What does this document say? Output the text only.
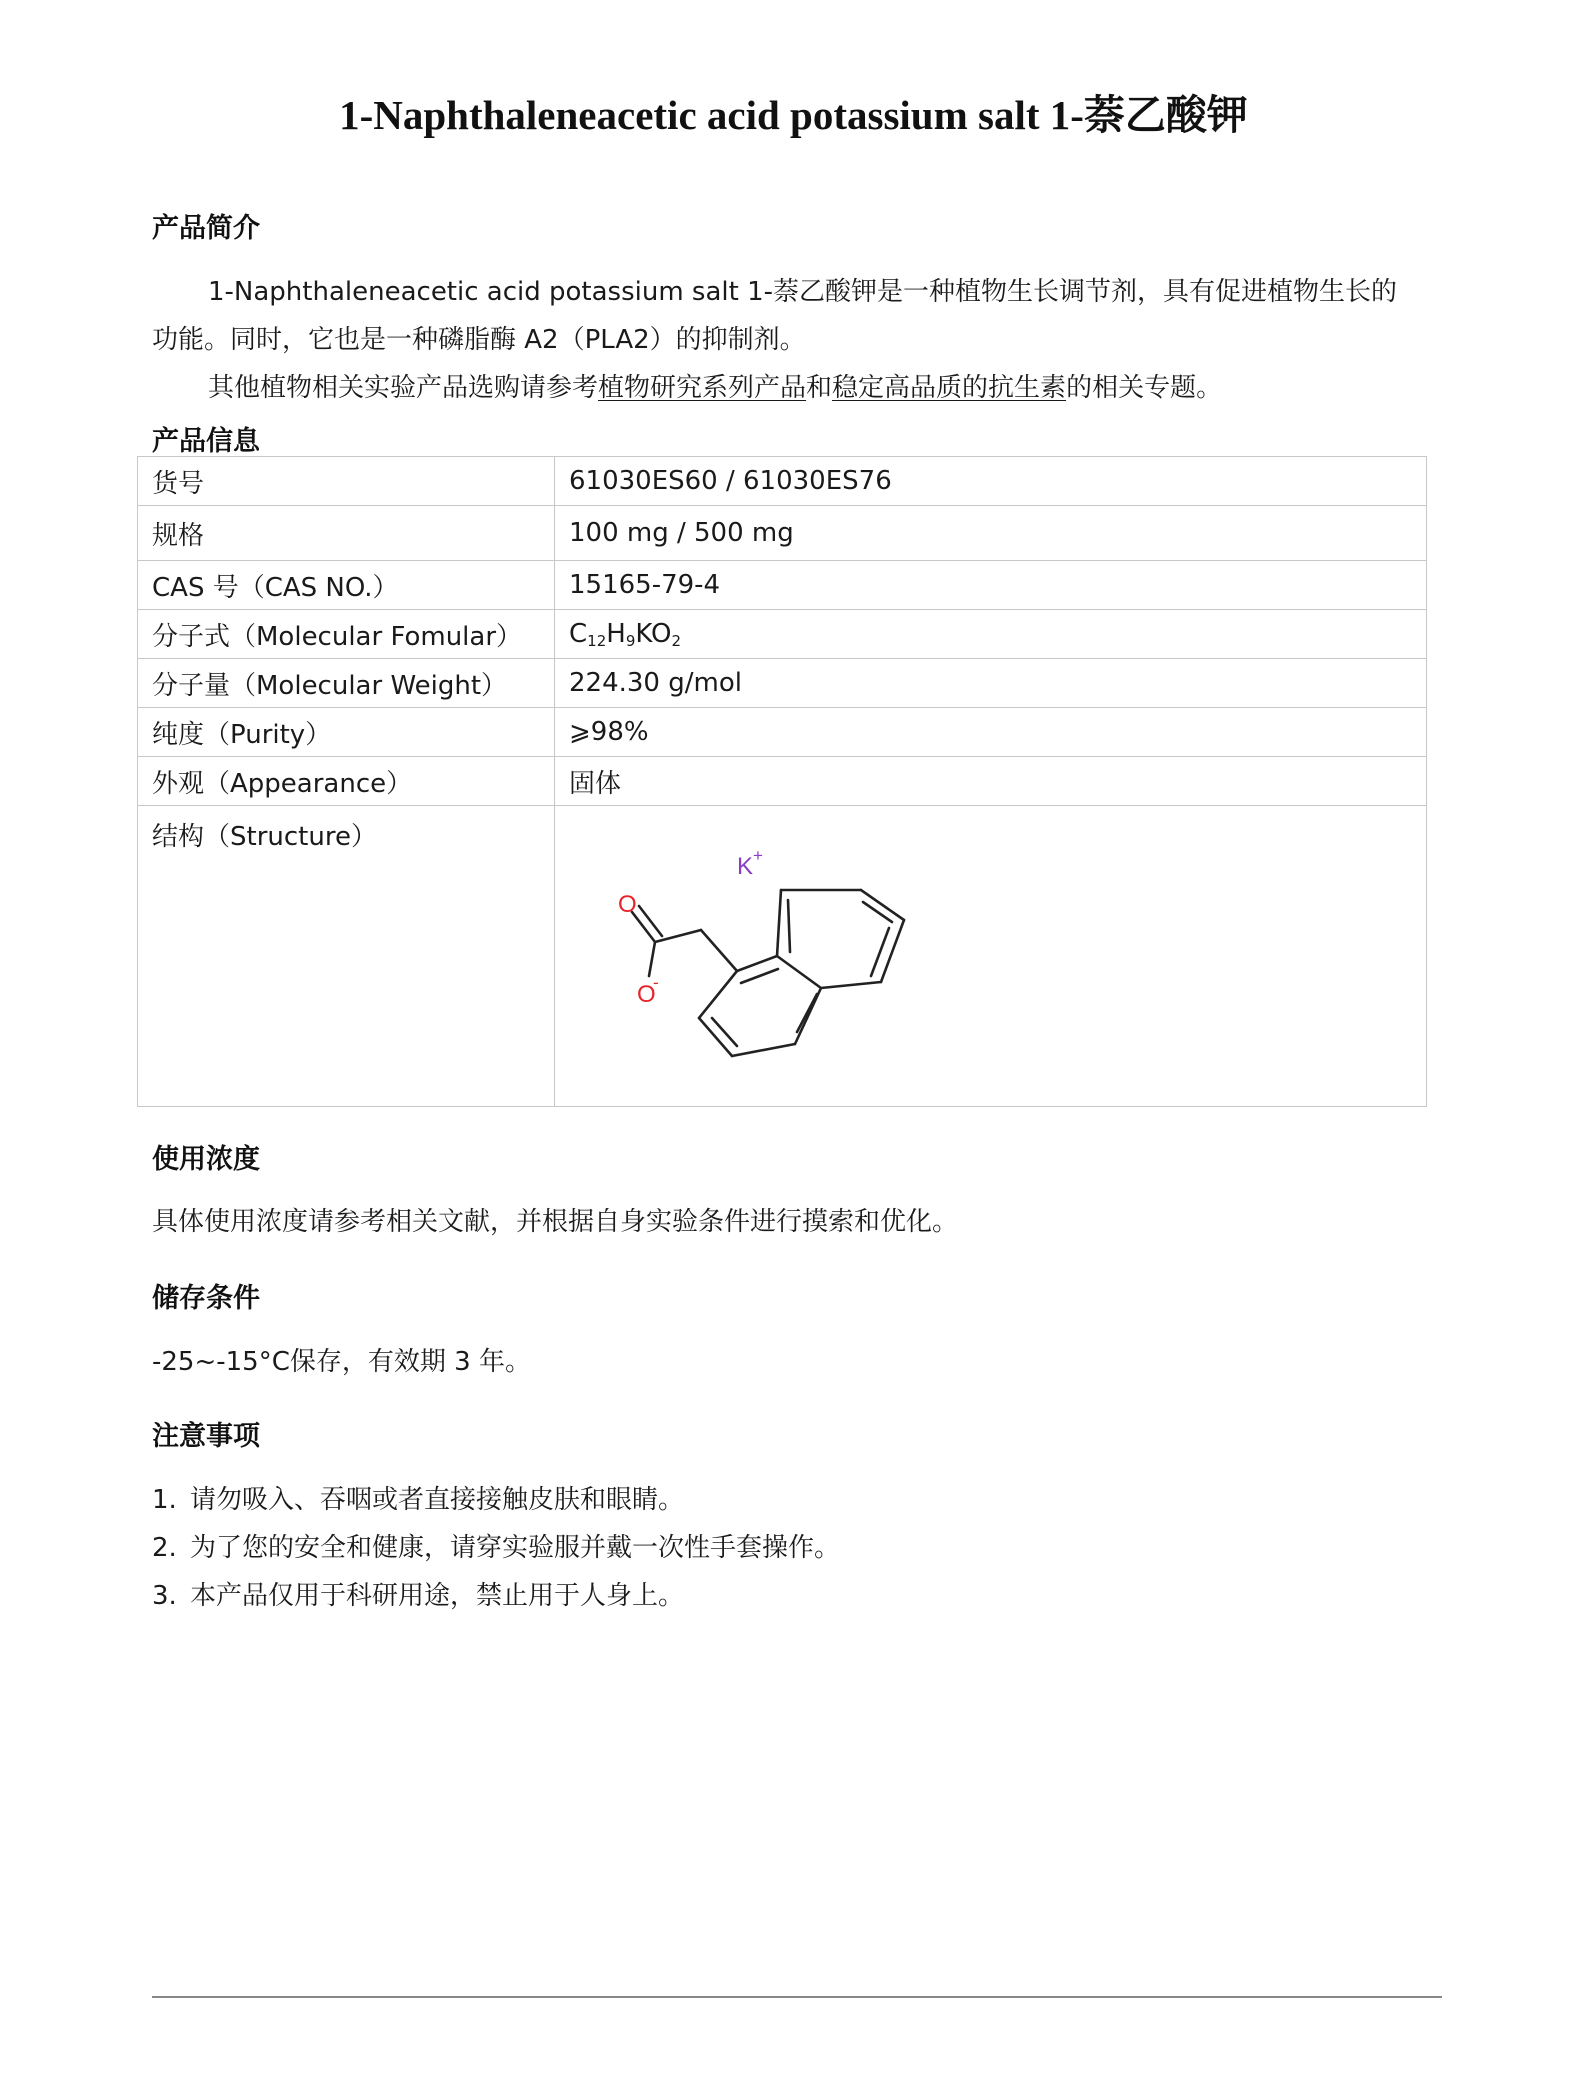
1-Naphthaleneacetic acid potassium salt 1-萘乙酸钾
产品简介
1-Naphthaleneacetic acid potassium salt 1-萘乙酸钾是一种植物生长调节剂，具有促进植物生长的
功能。同时，它也是一种磷脂酶 A2（PLA2）的抑制剂。
其他植物相关实验产品选购请参考植物研究系列产品和稳定高品质的抗生素的相关专题。
产品信息
货号	61030ES60 / 61030ES76
规格	100 mg / 500 mg
CAS 号（CAS NO.）	15165-79-4
分子式（Molecular Fomular）	$C_{12}H_9KO_2$
分子量（Molecular Weight）	224.30 g/mol
纯度（Purity）	⩾98%
外观（Appearance）	固体
结构（Structure）	O
O
-
K +
使用浓度
具体使用浓度请参考相关文献，并根据自身实验条件进行摸索和优化。
储存条件
-25~-15°C保存，有效期 3 年。
注意事项
1. 请勿吸入、吞咽或者直接接触皮肤和眼睛。
2. 为了您的安全和健康，请穿实验服并戴一次性手套操作。
3. 本产品仅用于科研用途，禁止用于人身上。
